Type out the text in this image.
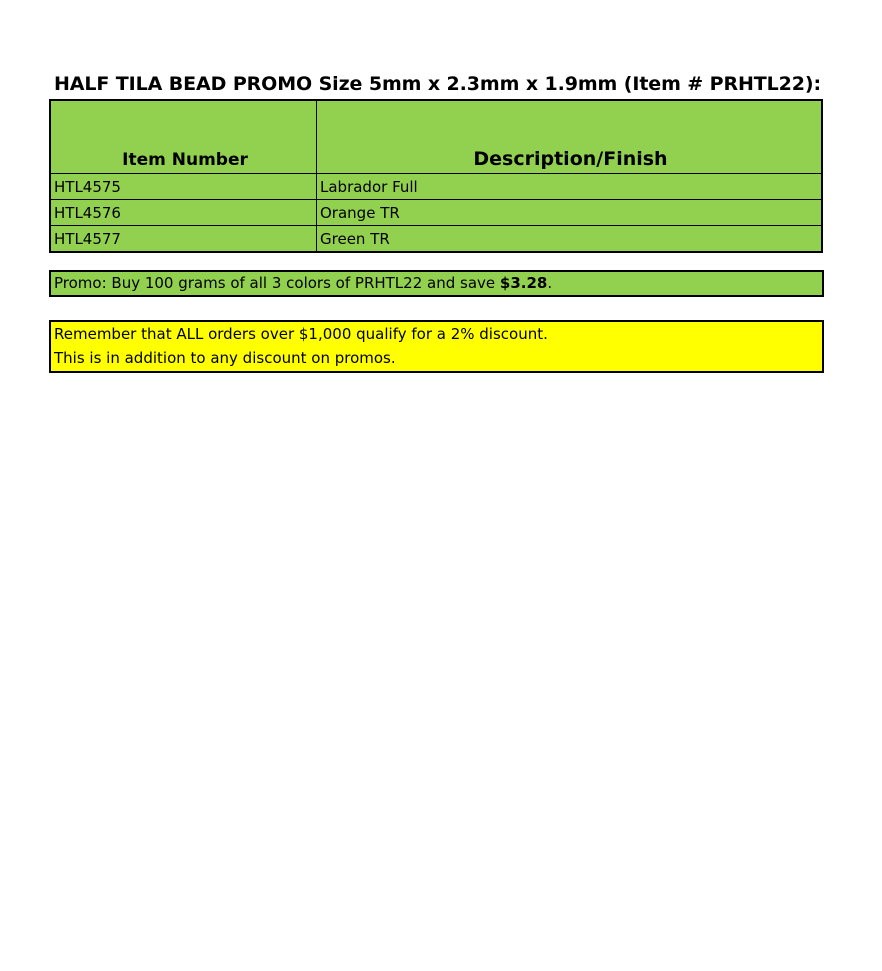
HALF TILA BEAD PROMO Size 5mm x 2.3mm x 1.9mm (Item # PRHTL22):
Item Number	Description/Finish
HTL4575	Labrador Full
HTL4576	Orange TR
HTL4577	Green TR
Promo: Buy 100 grams of all 3 colors of PRHTL22 and save $3.28.
Remember that ALL orders over $1,000 qualify for a 2% discount.
This is in addition to any discount on promos.
